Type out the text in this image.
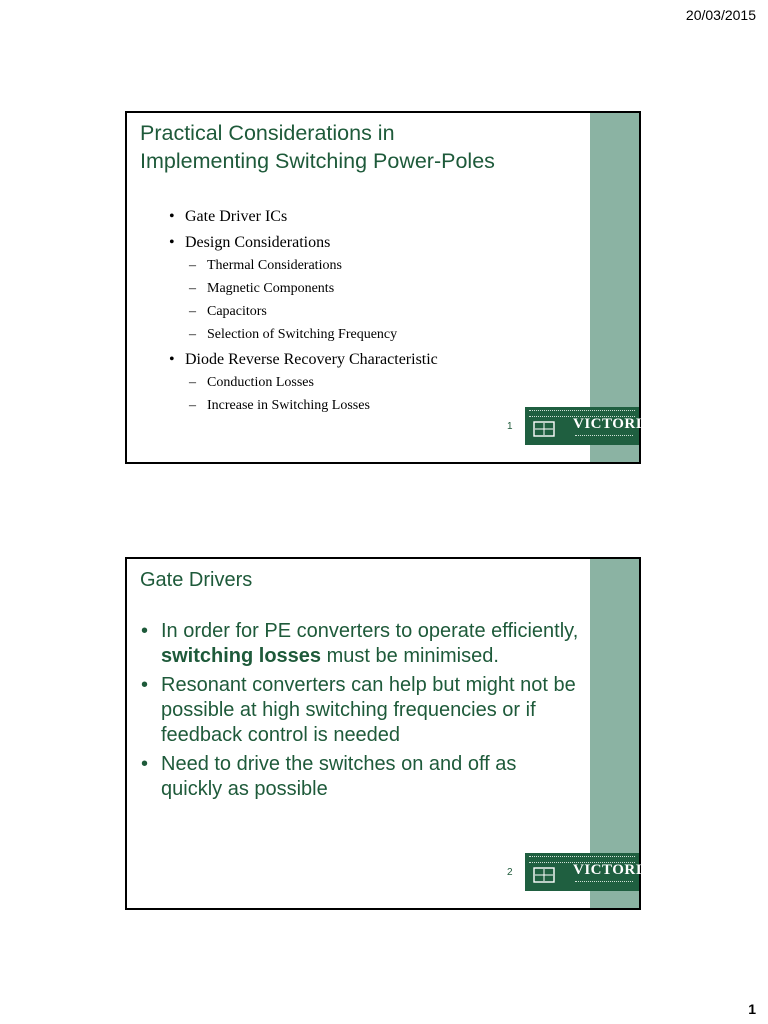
20/03/2015
Practical Considerations in
Implementing Switching Power-Poles
• Gate Driver ICs
• Design Considerations
– Thermal Considerations
– Magnetic Components
– Capacitors
– Selection of Switching Frequency
• Diode Reverse Recovery Characteristic
– Conduction Losses
– Increase in Switching Losses
1	VICTORIA
Gate Drivers
• In order for PE converters to operate efficiently, switching losses must be minimised.
• Resonant converters can help but might not be possible at high switching frequencies or if feedback control is needed
• Need to drive the switches on and off as quickly as possible
2	VICTORIA
1
